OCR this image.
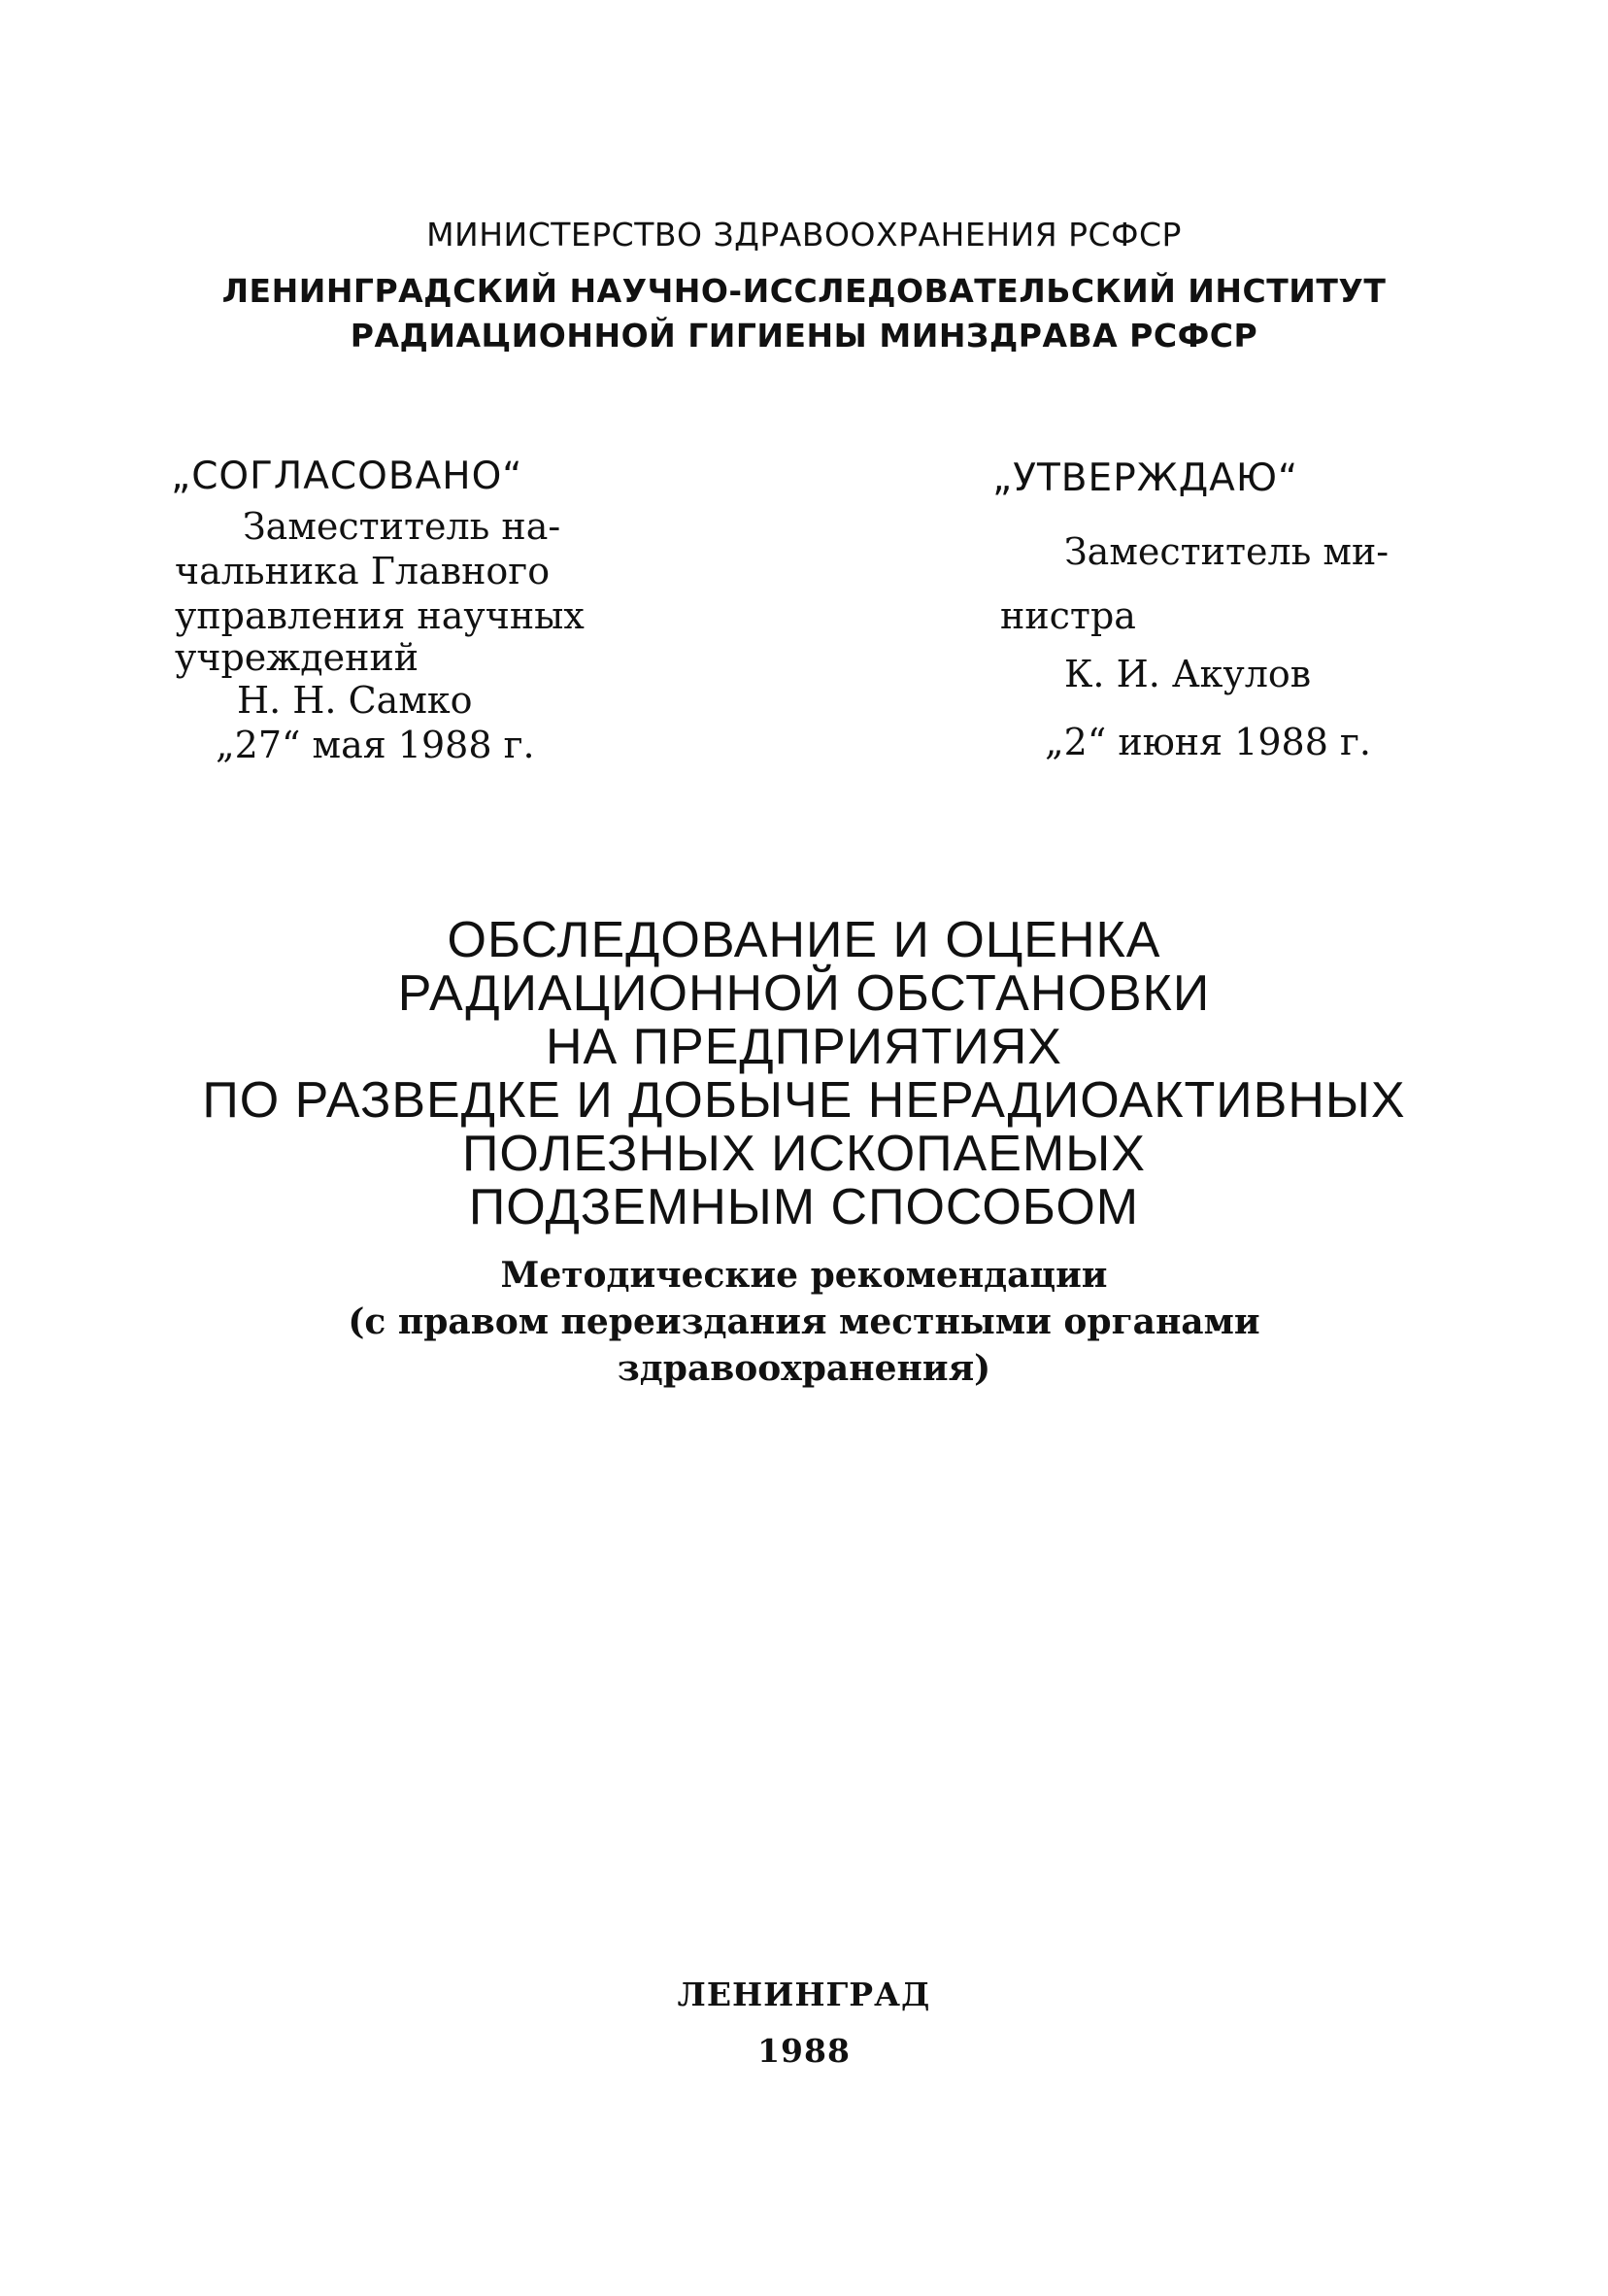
МИНИСТЕРСТВО ЗДРАВООХРАНЕНИЯ РСФСР

ЛЕНИНГРАДСКИЙ НАУЧНО-ИССЛЕДОВАТЕЛЬСКИЙ ИНСТИТУТ

РАДИАЦИОННОЙ ГИГИЕНЫ МИНЗДРАВА РСФСР

„СОГЛАСОВАНО“

Заместитель на-

чальника Главного

управления научных

учреждений

Н. Н. Самко

„27“ мая 1988 г.

„УТВЕРЖДАЮ“

Заместитель ми-

нистра

К. И. Акулов

„2“ июня 1988 г.

ОБСЛЕДОВАНИЕ И ОЦЕНКА

РАДИАЦИОННОЙ ОБСТАНОВКИ

НА ПРЕДПРИЯТИЯХ

ПО РАЗВЕДКЕ И ДОБЫЧЕ НЕРАДИОАКТИВНЫХ

ПОЛЕЗНЫХ ИСКОПАЕМЫХ

ПОДЗЕМНЫМ СПОСОБОМ

Методические рекомендации

(с правом переиздания местными органами

здравоохранения)

ЛЕНИНГРАД

1988
